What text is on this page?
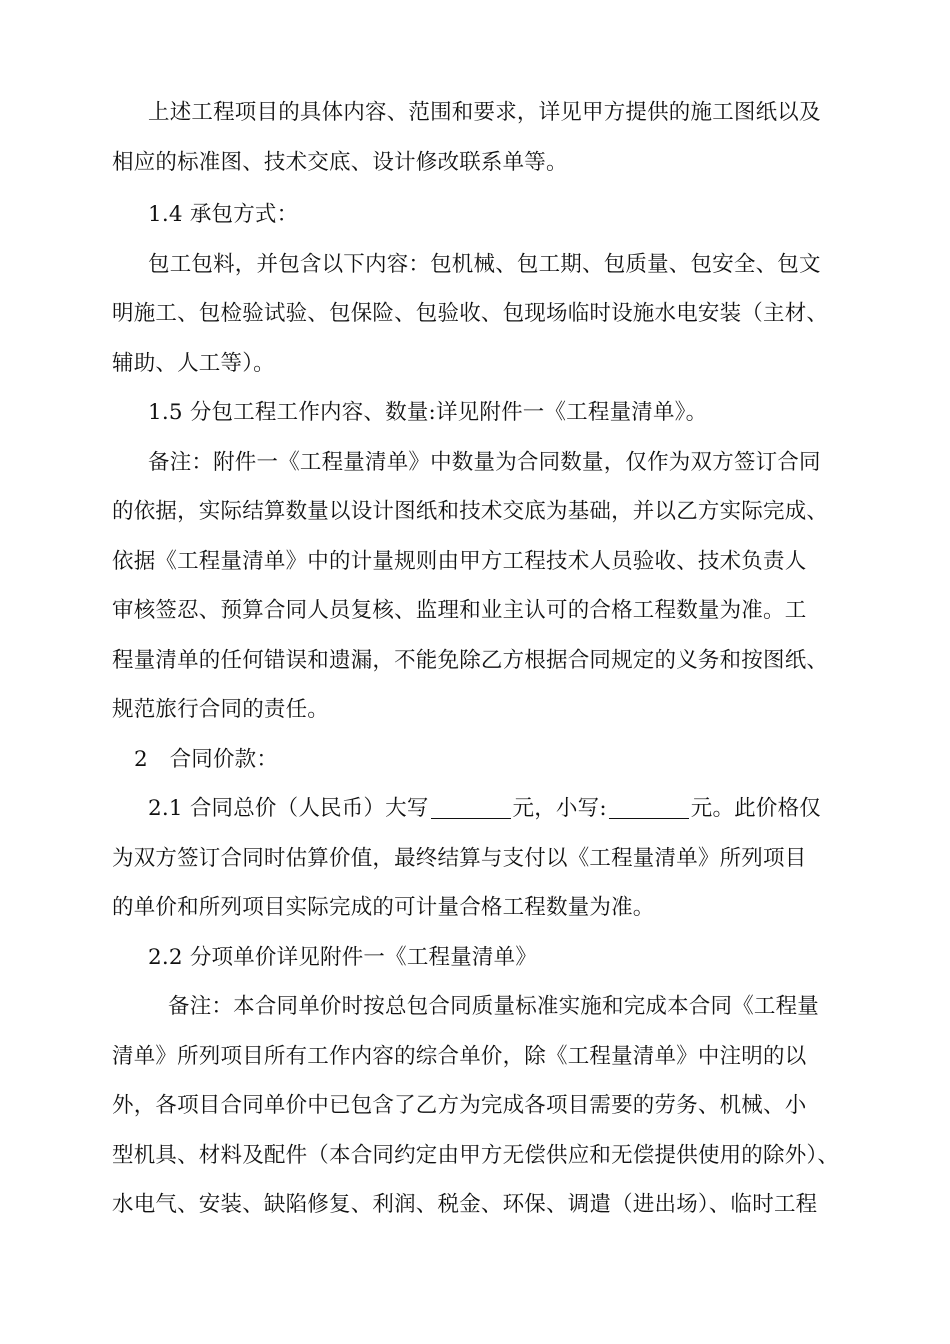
上述工程项目的具体内容、范围和要求，详见甲方提供的施工图纸以及
相应的标准图、技术交底、设计修改联系单等。
1.4 承包方式：
包工包料，并包含以下内容：包机械、包工期、包质量、包安全、包文
明施工、包检验试验、包保险、包验收、包现场临时设施水电安装（主材、
辅助、人工等）。
1.5 分包工程工作内容、数量:详见附件一《工程量清单》。
备注：附件一《工程量清单》中数量为合同数量，仅作为双方签订合同
的依据，实际结算数量以设计图纸和技术交底为基础，并以乙方实际完成、
依据《工程量清单》中的计量规则由甲方工程技术人员验收、技术负责人
审核签忍、预算合同人员复核、监理和业主认可的合格工程数量为准。工
程量清单的任何错误和遗漏，不能免除乙方根据合同规定的义务和按图纸、
规范旅行合同的责任。
2　合同价款：
2.1 合同总价（人民币）大写	元，小写:	元。此价格仅
为双方签订合同时估算价值，最终结算与支付以《工程量清单》所列项目
的单价和所列项目实际完成的可计量合格工程数量为准。
2.2 分项单价详见附件一《工程量清单》
备注：本合同单价时按总包合同质量标准实施和完成本合同《工程量
清单》所列项目所有工作内容的综合单价，除《工程量清单》中注明的以
外，各项目合同单价中已包含了乙方为完成各项目需要的劳务、机械、小
型机具、材料及配件（本合同约定由甲方无偿供应和无偿提供使用的除外）、
水电气、安装、缺陷修复、利润、税金、环保、调遣（进出场）、临时工程
